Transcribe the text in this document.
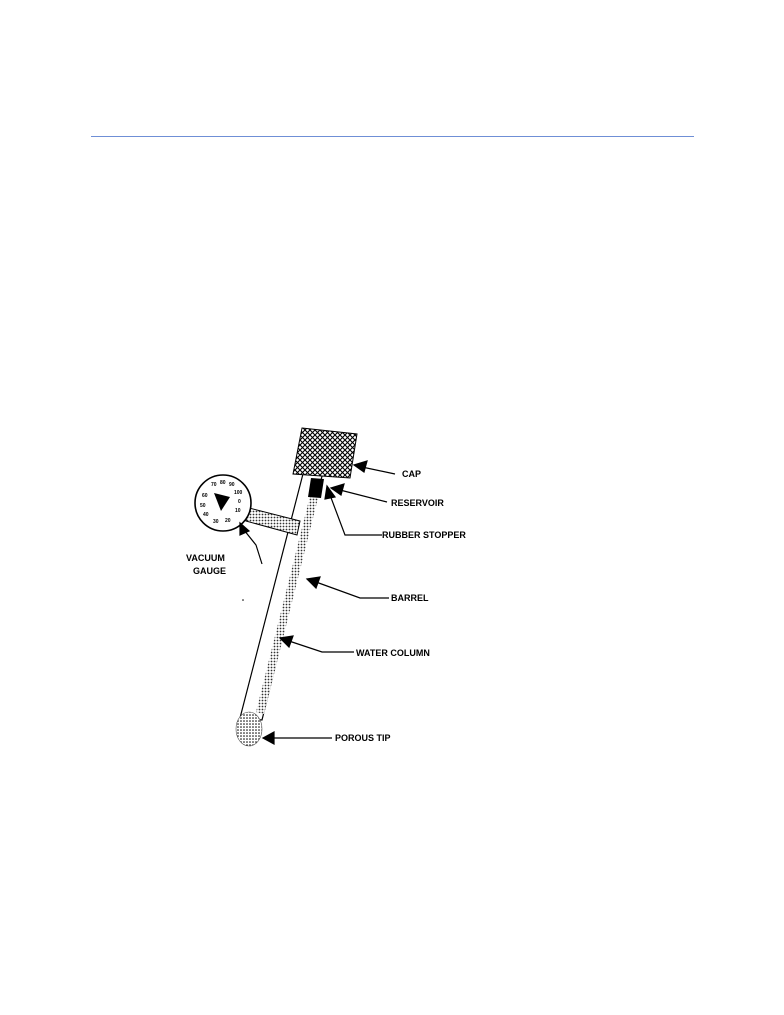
70 80 90
100
0
10
20
30
40
50
60
CAP
RESERVOIR
RUBBER STOPPER
VACUUM
GAUGE
BARREL
WATER COLUMN
POROUS TIP
